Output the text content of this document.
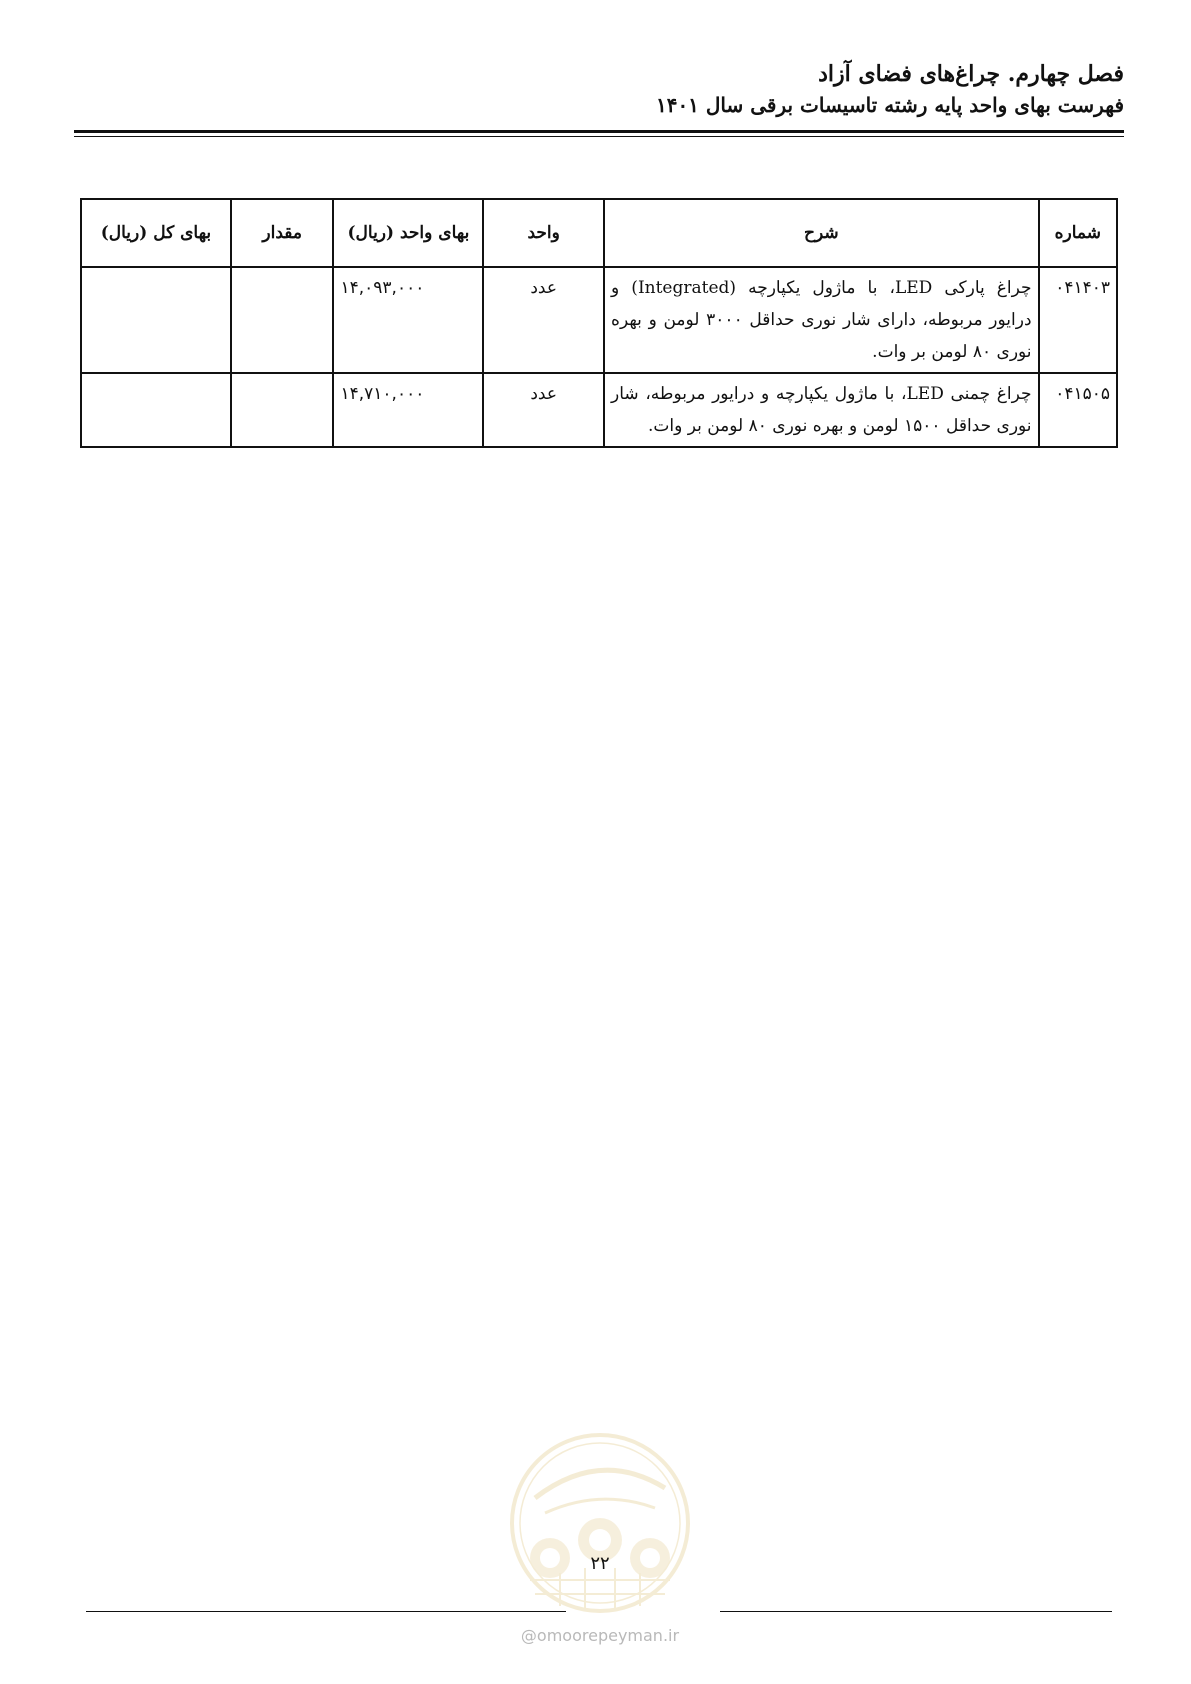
فصل چهارم. چراغ‌های فضای آزاد
فهرست بهای واحد پایه رشته تاسیسات برقی سال ۱۴۰۱
شماره	شرح	واحد	بهای واحد (ریال)	مقدار	بهای کل (ریال)
۰۴۱۴۰۳	چراغ پارکی LED، با ماژول یکپارچه (Integrated) و درایور مربوطه، دارای شار نوری حداقل ۳۰۰۰ لومن و بهره نوری ۸۰ لومن بر وات.	عدد	۱۴,۰۹۳,۰۰۰		
۰۴۱۵۰۵	چراغ چمنی LED، با ماژول یکپارچه و درایور مربوطه، شار نوری حداقل ۱۵۰۰ لومن و بهره نوری ۸۰ لومن بر وات.	عدد	۱۴,۷۱۰,۰۰۰		
۲۲
@omoorepeyman.ir
